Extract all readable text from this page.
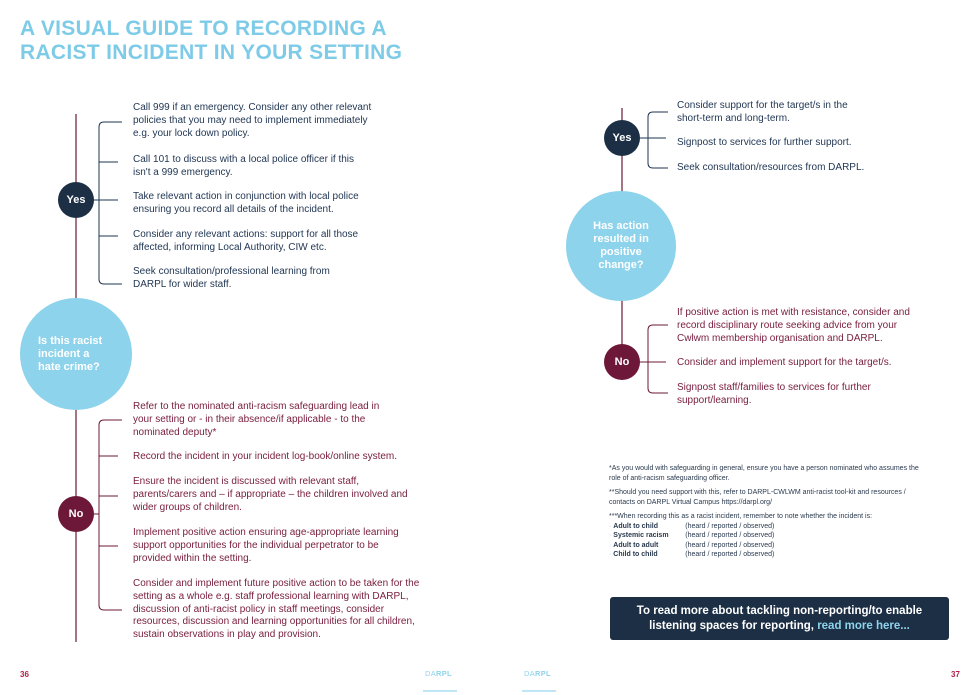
A VISUAL GUIDE TO RECORDING A
RACIST INCIDENT IN YOUR SETTING
Yes
Is this racist
incident a
hate crime?
No
Call 999 if an emergency. Consider any other relevant policies that you may need to implement immediately e.g. your lock down policy.
Call 101 to discuss with a local police officer if this isn't a 999 emergency.
Take relevant action in conjunction with local police ensuring you record all details of the incident.
Consider any relevant actions: support for all those affected, informing Local Authority, CIW etc.
Seek consultation/professional learning from DARPL for wider staff.
Refer to the nominated anti-racism safeguarding lead in your setting or - in their absence/if applicable - to the nominated deputy*
Record the incident in your incident log-book/online system.
Ensure the incident is discussed with relevant staff, parents/carers and – if appropriate – the children involved and wider groups of children.
Implement positive action ensuring age-appropriate learning support opportunities for the individual perpetrator to be provided within the setting.
Consider and implement future positive action to be taken for the setting as a whole e.g. staff professional learning with DARPL, discussion of anti-racist policy in staff meetings, consider resources, discussion and learning opportunities for all children, sustain observations in play and provision.
Yes
Has action
resulted in
positive
change?
No
Consider support for the target/s in the short-term and long-term.
Signpost to services for further support.
Seek consultation/resources from DARPL.
If positive action is met with resistance, consider and record disciplinary route seeking advice from your Cwlwm membership organisation and DARPL.
Consider and implement support for the target/s.
Signpost staff/families to services for further support/learning.
*As you would with safeguarding in general, ensure you have a person nominated who assumes the role of anti-racism safeguarding officer.
**Should you need support with this, refer to DARPL-CWLWM anti-racist tool-kit and resources / contacts on DARPL Virtual Campus https://darpl.org/
***When recording this as a racist incident, remember to note whether the incident is:
· Adult to child	(heard / reported / observed)
· Systemic racism (heard / reported / observed)
· Adult to adult	(heard / reported / observed)
· Child to child	(heard / reported / observed)
To read more about tackling non-reporting/to enable
listening spaces for reporting, read more here...
36	37
DARPL	DARPL
